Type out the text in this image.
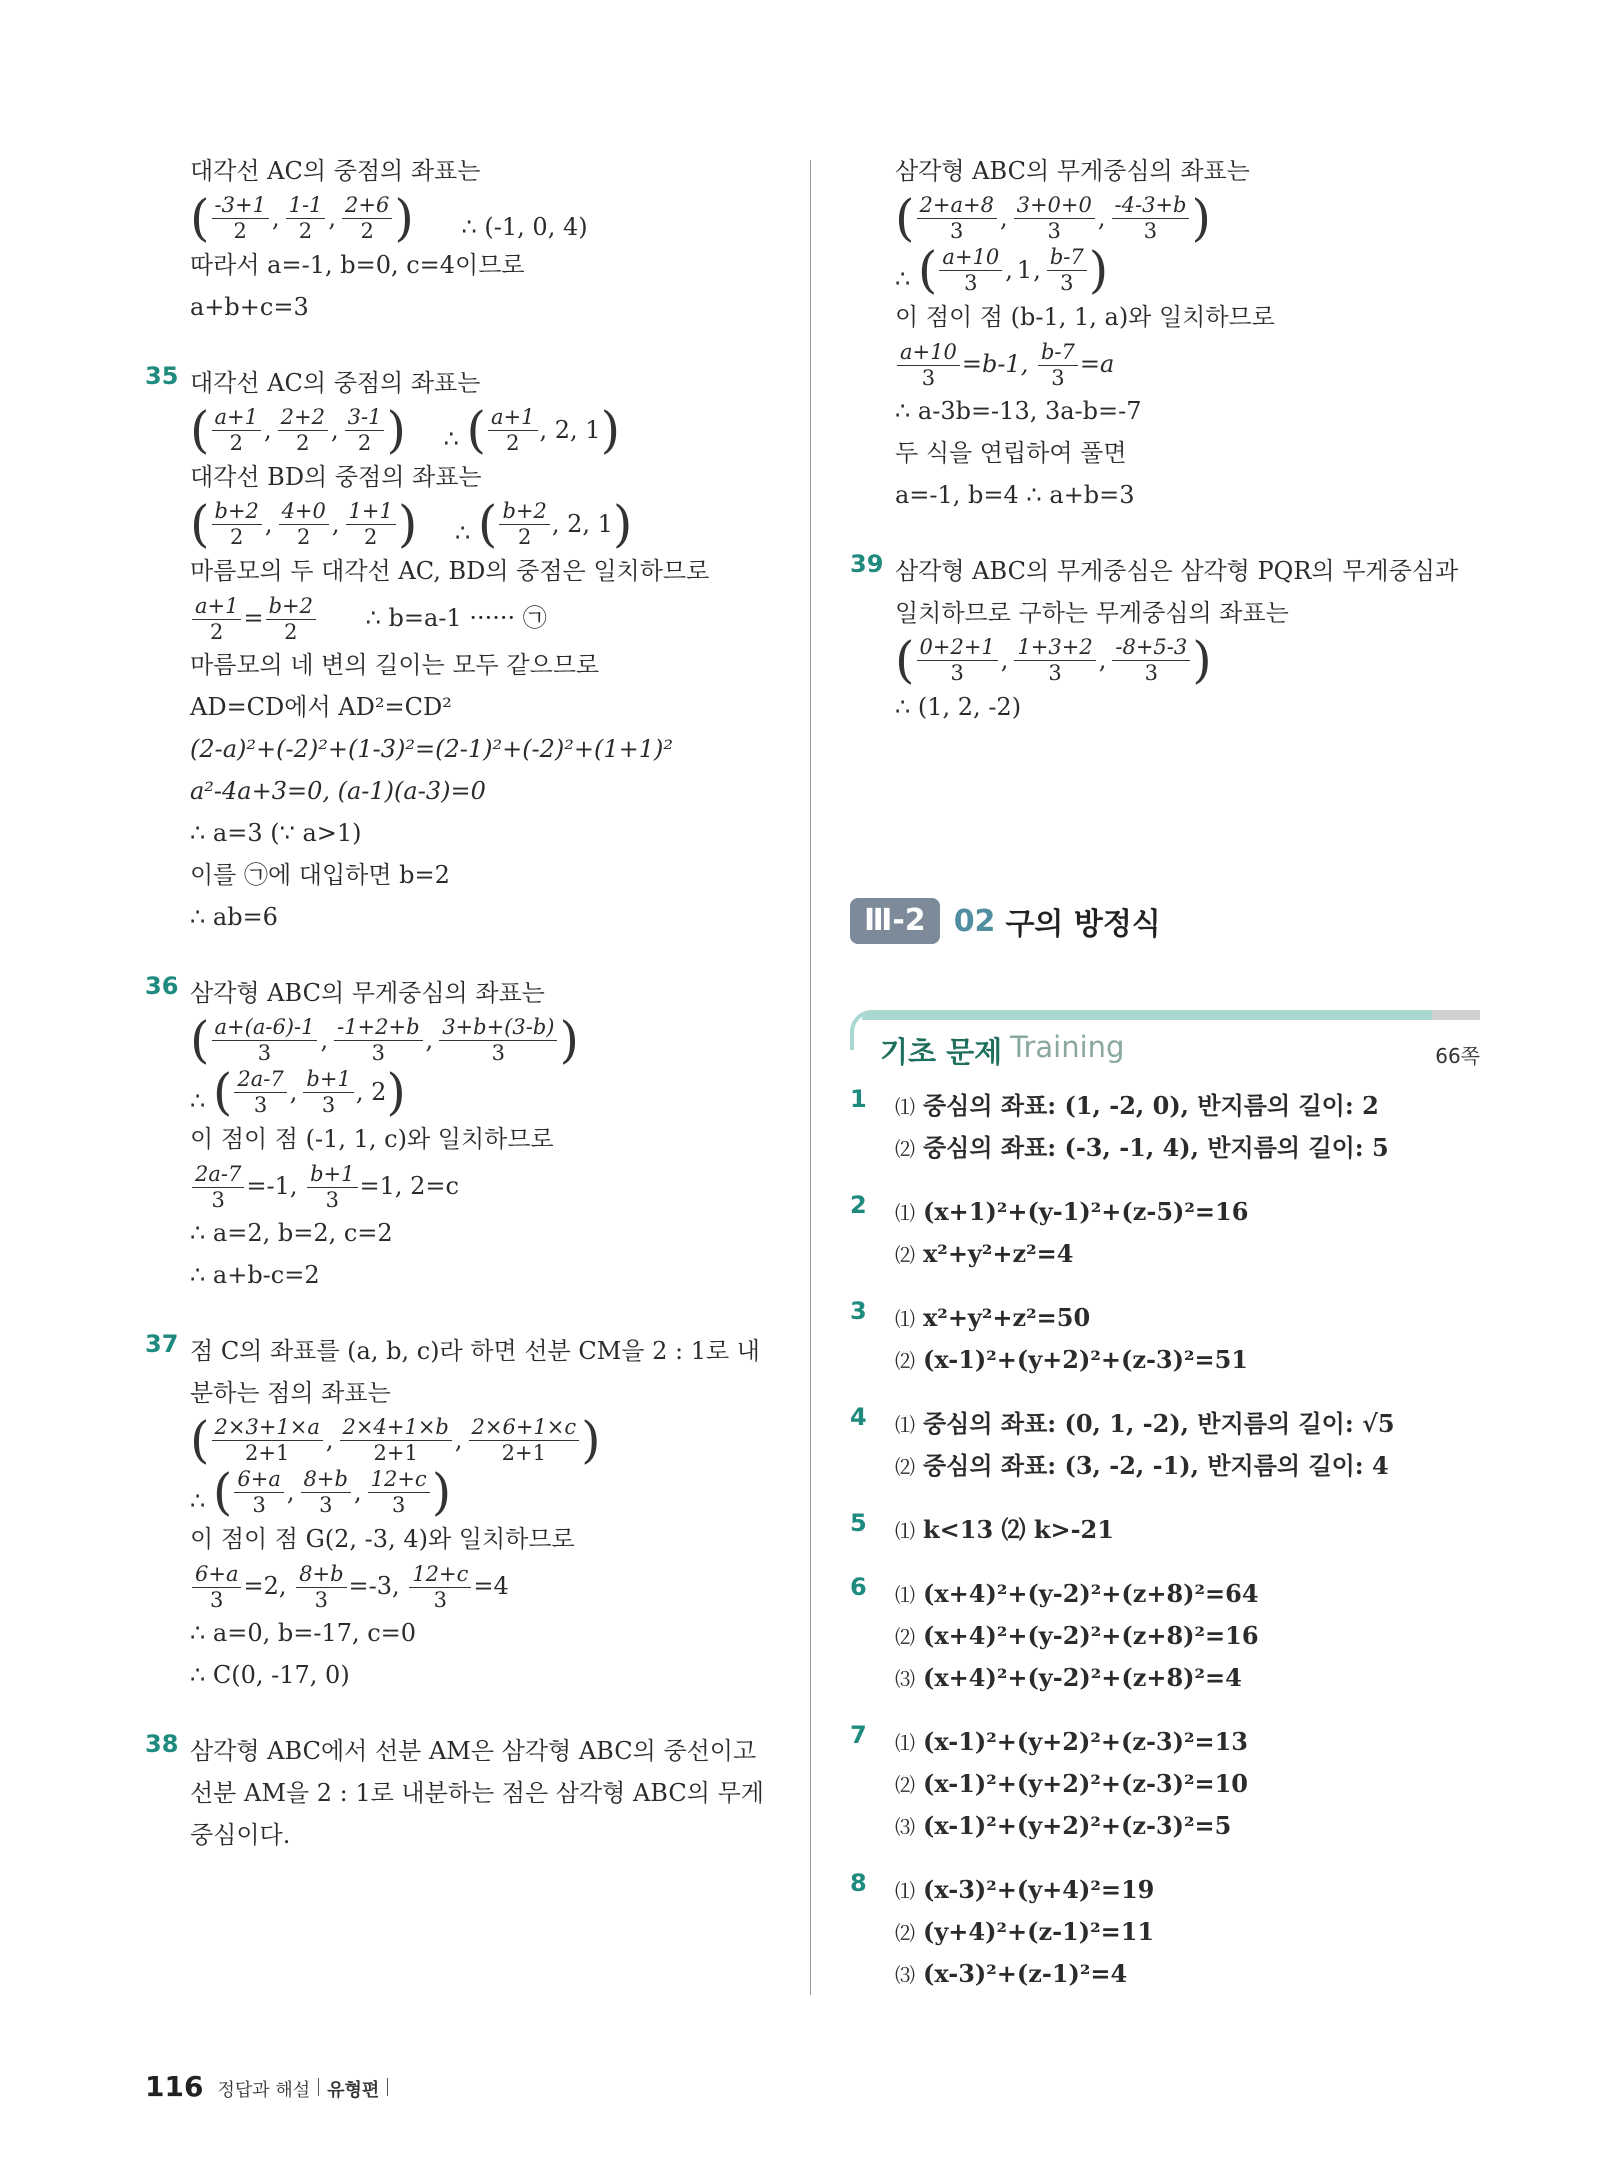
대각선 AC의 중점의 좌표는
( $\frac{-3+1}{2}$ , $\frac{1-1}{2}$ , $\frac{2+6}{2}$ ) ∴ (-1, 0, 4)
따라서 a=-1, b=0, c=4이므로
a+b+c=3
35 대각선 AC의 중점의 좌표는
( $\frac{a+1}{2}$ , $\frac{2+2}{2}$ , $\frac{3-1}{2}$ ) ∴ ( $\frac{a+1}{2}$ , 2, 1 )
대각선 BD의 중점의 좌표는
( $\frac{b+2}{2}$ , $\frac{4+0}{2}$ , $\frac{1+1}{2}$ ) ∴ ( $\frac{b+2}{2}$ , 2, 1 )
마름모의 두 대각선 AC, BD의 중점은 일치하므로
$\frac{a+1}{2} = \frac{b+2}{2}$ ∴ b=a-1 ······ ㉠
마름모의 네 변의 길이는 모두 같으므로
AD=CD에서 AD²=CD²
(2-a)²+(-2)²+(1-3)²=(2-1)²+(-2)²+(1+1)²
a²-4a+3=0, (a-1)(a-3)=0
∴ a=3 (∵ a>1)
이를 ㉠에 대입하면 b=2
∴ ab=6
36 삼각형 ABC의 무게중심의 좌표는
( $\frac{a+(a-6)-1}{3}$ , $\frac{-1+2+b}{3}$ , $\frac{3+b+(3-b)}{3}$ )
∴ ( $\frac{2a-7}{3}$ , $\frac{b+1}{3}$ , 2 )
이 점이 점 (-1, 1, c)와 일치하므로
$\frac{2a-7}{3} =-1$, $\frac{b+1}{3} =1$, 2=c
∴ a=2, b=2, c=2
∴ a+b-c=2
37 점 C의 좌표를 (a, b, c)라 하면 선분 CM을 2 : 1로 내
분하는 점의 좌표는
( $\frac{2\times 3+1\times a}{2+1}$ , $\frac{2\times 4+1\times b}{2+1}$ , $\frac{2\times 6+1\times c}{2+1}$ )
∴ ( $\frac{6+a}{3}$ , $\frac{8+b}{3}$ , $\frac{12+c}{3}$ )
이 점이 점 G(2, -3, 4)와 일치하므로
$\frac{6+a}{3} =2$, $\frac{8+b}{3} =-3$, $\frac{12+c}{3} =4$
∴ a=0, b=-17, c=0
∴ C(0, -17, 0)
38 삼각형 ABC에서 선분 AM은 삼각형 ABC의 중선이고
선분 AM을 2 : 1로 내분하는 점은 삼각형 ABC의 무게
중심이다.
삼각형 ABC의 무게중심의 좌표는
( $\frac{2+a+8}{3}$ , $\frac{3+0+0}{3}$ , $\frac{-4-3+b}{3}$ )
∴ ( $\frac{a+10}{3}$ , 1 , $\frac{b-7}{3}$ )
이 점이 점 (b-1, 1, a)와 일치하므로
$\frac{a+10}{3} =b-1$, $\frac{b-7}{3} =a$
∴ a-3b=-13, 3a-b=-7
두 식을 연립하여 풀면
a=-1, b=4 ∴ a+b=3
39 삼각형 ABC의 무게중심은 삼각형 PQR의 무게중심과
일치하므로 구하는 무게중심의 좌표는
( $\frac{0+2+1}{3}$ , $\frac{1+3+2}{3}$ , $\frac{-8+5-3}{3}$ )
∴ (1, 2, -2)
Ⅲ-2 02 구의 방정식
기초 문제 Training	66쪽
1 ⑴ 중심의 좌표: (1, -2, 0), 반지름의 길이: 2
⑵ 중심의 좌표: (-3, -1, 4), 반지름의 길이: 5
2 ⑴ (x+1)²+(y-1)²+(z-5)²=16
⑵ x²+y²+z²=4
3 ⑴ x²+y²+z²=50
⑵ (x-1)²+(y+2)²+(z-3)²=51
4 ⑴ 중심의 좌표: (0, 1, -2), 반지름의 길이: √5
⑵ 중심의 좌표: (3, -2, -1), 반지름의 길이: 4
5 ⑴ k<13 ⑵ k>-21
6 ⑴ (x+4)²+(y-2)²+(z+8)²=64
⑵ (x+4)²+(y-2)²+(z+8)²=16
⑶ (x+4)²+(y-2)²+(z+8)²=4
7 ⑴ (x-1)²+(y+2)²+(z-3)²=13
⑵ (x-1)²+(y+2)²+(z-3)²=10
⑶ (x-1)²+(y+2)²+(z-3)²=5
8 ⑴ (x-3)²+(y+4)²=19
⑵ (y+4)²+(z-1)²=11
⑶ (x-3)²+(z-1)²=4
116 정답과 해설 유형편
